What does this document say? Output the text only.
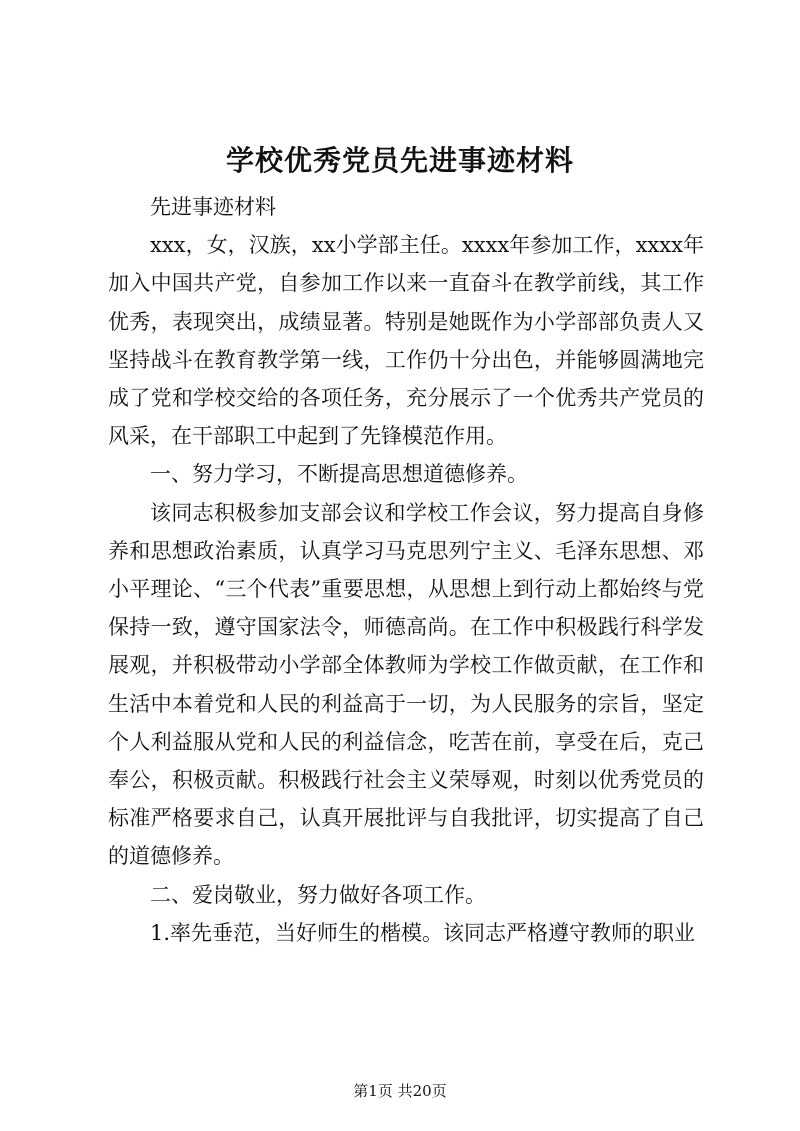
学校优秀党员先进事迹材料

先进事迹材料

xxx，女，汉族，xx小学部主任。xxxx年参加工作，xxxx年加入中国共产党，自参加工作以来一直奋斗在教学前线，其工作优秀，表现突出，成绩显著。特别是她既作为小学部部负责人又坚持战斗在教育教学第一线，工作仍十分出色，并能够圆满地完成了党和学校交给的各项任务，充分展示了一个优秀共产党员的风采，在干部职工中起到了先锋模范作用。

一、努力学习，不断提高思想道德修养。

该同志积极参加支部会议和学校工作会议，努力提高自身修养和思想政治素质，认真学习马克思列宁主义、毛泽东思想、邓小平理论、“三个代表”重要思想，从思想上到行动上都始终与党保持一致，遵守国家法令，师德高尚。在工作中积极践行科学发展观，并积极带动小学部全体教师为学校工作做贡献，在工作和生活中本着党和人民的利益高于一切，为人民服务的宗旨，坚定个人利益服从党和人民的利益信念，吃苦在前，享受在后，克己奉公，积极贡献。积极践行社会主义荣辱观，时刻以优秀党员的标准严格要求自己，认真开展批评与自我批评，切实提高了自己的道德修养。

二、爱岗敬业，努力做好各项工作。

1.率先垂范，当好师生的楷模。该同志严格遵守教师的职业

第1页 共20页
